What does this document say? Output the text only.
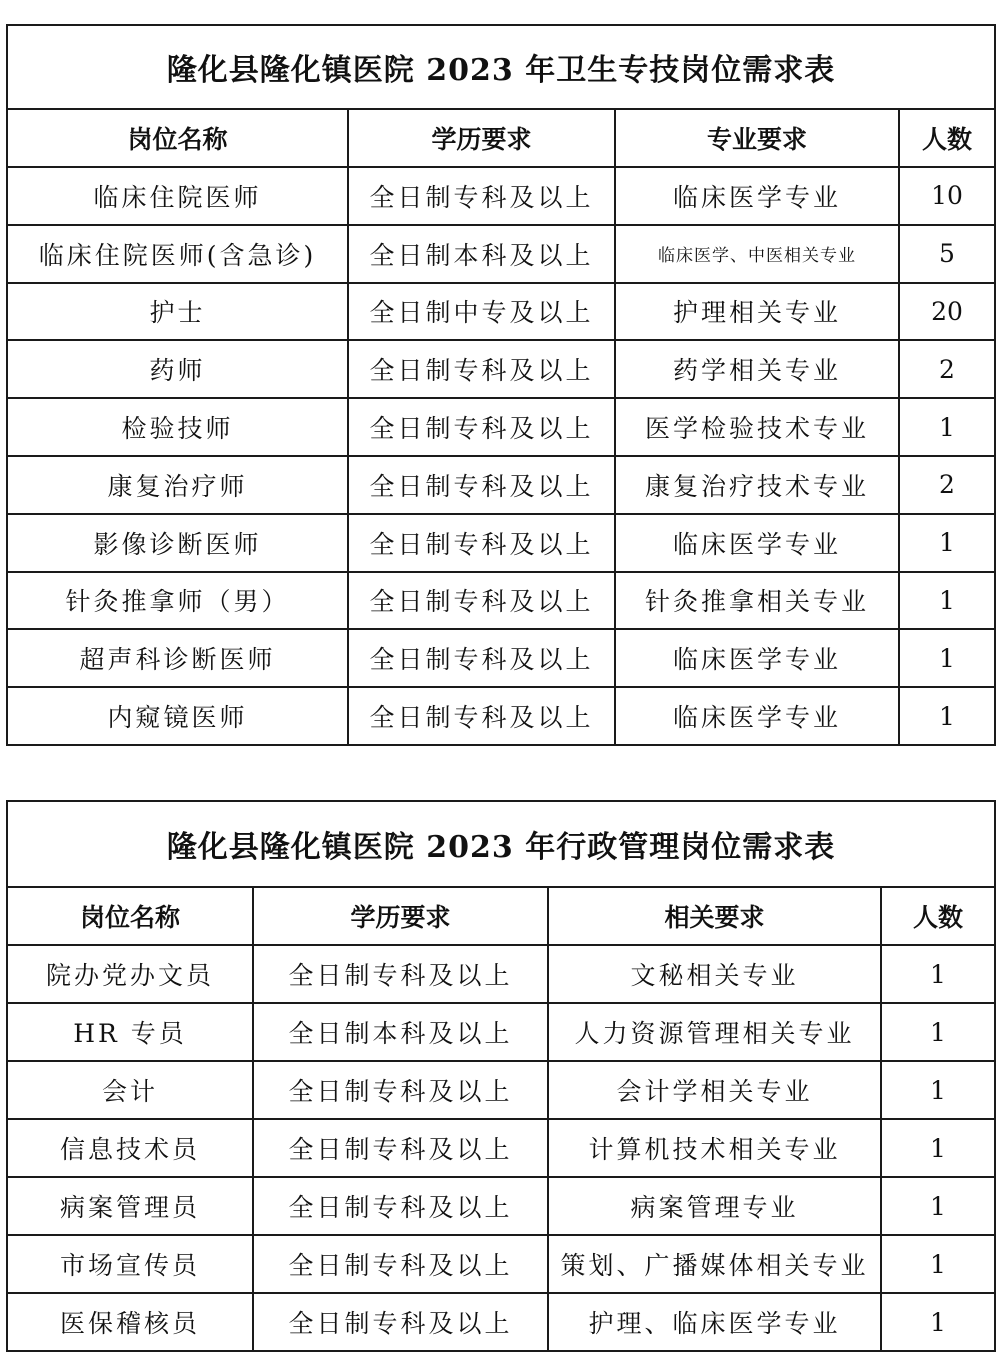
隆化县隆化镇医院 2023 年卫生专技岗位需求表			
岗位名称	学历要求	专业要求	人数
临床住院医师	全日制专科及以上	临床医学专业	10
临床住院医师(含急诊)	全日制本科及以上	临床医学、中医相关专业	5
护士	全日制中专及以上	护理相关专业	20
药师	全日制专科及以上	药学相关专业	2
检验技师	全日制专科及以上	医学检验技术专业	1
康复治疗师	全日制专科及以上	康复治疗技术专业	2
影像诊断医师	全日制专科及以上	临床医学专业	1
针灸推拿师（男）	全日制专科及以上	针灸推拿相关专业	1
超声科诊断医师	全日制专科及以上	临床医学专业	1
内窥镜医师	全日制专科及以上	临床医学专业	1
隆化县隆化镇医院 2023 年行政管理岗位需求表			
岗位名称	学历要求	相关要求	人数
院办党办文员	全日制专科及以上	文秘相关专业	1
HR 专员	全日制本科及以上	人力资源管理相关专业	1
会计	全日制专科及以上	会计学相关专业	1
信息技术员	全日制专科及以上	计算机技术相关专业	1
病案管理员	全日制专科及以上	病案管理专业	1
市场宣传员	全日制专科及以上	策划、广播媒体相关专业	1
医保稽核员	全日制专科及以上	护理、临床医学专业	1
